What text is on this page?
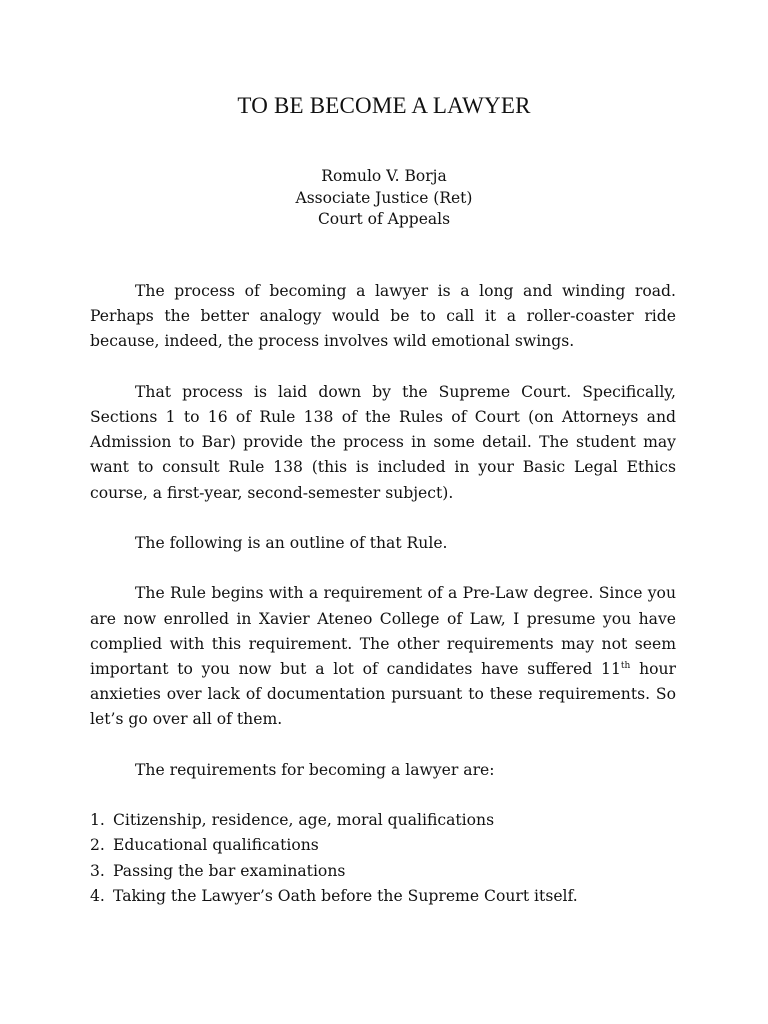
TO BE BECOME A LAWYER
Romulo V. Borja
Associate Justice (Ret)
Court of Appeals

The process of becoming a lawyer is a long and winding road. Perhaps the better analogy would be to call it a roller-coaster ride because, indeed, the process involves wild emotional swings.

That process is laid down by the Supreme Court. Specifically, Sections 1 to 16 of Rule 138 of the Rules of Court (on Attorneys and Admission to Bar) provide the process in some detail. The student may want to consult Rule 138 (this is included in your Basic Legal Ethics course, a first-year, second-semester subject).

The following is an outline of that Rule.

The Rule begins with a requirement of a Pre-Law degree. Since you are now enrolled in Xavier Ateneo College of Law, I presume you have complied with this requirement. The other requirements may not seem important to you now but a lot of candidates have suffered 11th hour anxieties over lack of documentation pursuant to these requirements. So let’s go over all of them.

The requirements for becoming a lawyer are:

1. Citizenship, residence, age, moral qualifications
2. Educational qualifications
3. Passing the bar examinations
4. Taking the Lawyer’s Oath before the Supreme Court itself.
